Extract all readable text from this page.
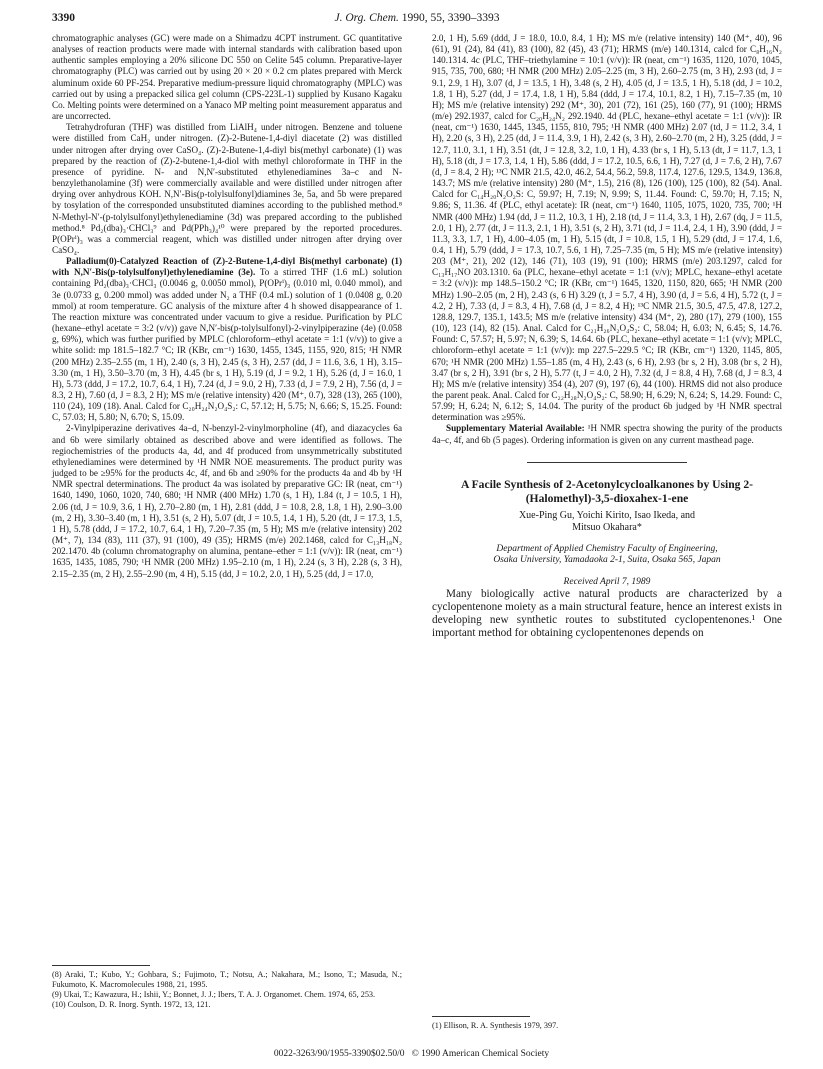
3390	J. Org. Chem. 1990, 55, 3390–3393

chromatographic analyses (GC) were made on a Shimadzu 4CPT instrument. GC quantitative analyses of reaction products were made with internal standards with calibration based upon authentic samples employing a 20% silicone DC 550 on Celite 545 column. Preparative-layer chromatography (PLC) was carried out by using 20 × 20 × 0.2 cm plates prepared with Merck aluminum oxide 60 PF-254. Preparative medium-pressure liquid chromatography (MPLC) was carried out by using a prepacked silica gel column (CPS-223L-1) supplied by Kusano Kagaku Co. Melting points were determined on a Yanaco MP melting point measurement apparatus and are uncorrected.

Tetrahydrofuran (THF) was distilled from LiAlH₄ under nitrogen. Benzene and toluene were distilled from CaH₂ under nitrogen. (Z)-2-Butene-1,4-diyl diacetate (2) was distilled under nitrogen after drying over CaSO₄. (Z)-2-Butene-1,4-diyl bis(methyl carbonate) (1) was prepared by the reaction of (Z)-2-butene-1,4-diol with methyl chloroformate in THF in the presence of pyridine. N- and N,N′-substituted ethylenediamines 3a–c and N-benzylethanolamine (3f) were commercially available and were distilled under nitrogen after drying over anhydrous KOH. N,N′-Bis(p-tolylsulfonyl)diamines 3e, 5a, and 5b were prepared by tosylation of the corresponded unsubstituted diamines according to the published method.⁸ N-Methyl-N′-(p-tolylsulfonyl)ethylenediamine (3d) was prepared according to the published method.⁸ Pd₂(dba)₃·CHCl₃⁹ and Pd(PPh₃)₄¹⁰ were prepared by the reported procedures. P(OPrⁱ)₃ was a commercial reagent, which was distilled under nitrogen after drying over CaSO₄.

Palladium(0)-Catalyzed Reaction of (Z)-2-Butene-1,4-diyl Bis(methyl carbonate) (1) with N,N′-Bis(p-tolylsulfonyl)ethylenediamine (3e). To a stirred THF (1.6 mL) solution containing Pd₂(dba)₃·CHCl₃ (0.0046 g, 0.0050 mmol), P(OPrⁱ)₃ (0.010 ml, 0.040 mmol), and 3e (0.0733 g, 0.200 mmol) was added under N₂ a THF (0.4 mL) solution of 1 (0.0408 g, 0.20 mmol) at room temperature. GC analysis of the mixture after 4 h showed disappearance of 1. The reaction mixture was concentrated under vacuum to give a residue. Purification by PLC (hexane–ethyl acetate = 3:2 (v/v)) gave N,N′-bis(p-tolylsulfonyl)-2-vinylpiperazine (4e) (0.058 g, 69%), which was further purified by MPLC (chloroform–ethyl acetate = 1:1 (v/v)) to give a white solid: mp 181.5–182.7 °C; IR (KBr, cm⁻¹) 1630, 1455, 1345, 1155, 920, 815; ¹H NMR (200 MHz) 2.35–2.55 (m, 1 H), 2.40 (s, 3 H), 2.45 (s, 3 H), 2.57 (dd, J = 11.6, 3.6, 1 H), 3.15–3.30 (m, 1 H), 3.50–3.70 (m, 3 H), 4.45 (br s, 1 H), 5.19 (d, J = 9.2, 1 H), 5.26 (d, J = 16.0, 1 H), 5.73 (ddd, J = 17.2, 10.7, 6.4, 1 H), 7.24 (d, J = 9.0, 2 H), 7.33 (d, J = 7.9, 2 H), 7.56 (d, J = 8.3, 2 H), 7.60 (d, J = 8.3, 2 H); MS m/e (relative intensity) 420 (M⁺, 0.7), 328 (13), 265 (100), 110 (24), 109 (18). Anal. Calcd for C₂₀H₂₄N₂O₄S₂: C, 57.12; H, 5.75; N, 6.66; S, 15.25. Found: C, 57.03; H, 5.80; N, 6.70; S, 15.09.

2-Vinylpiperazine derivatives 4a–d, N-benzyl-2-vinylmorpholine (4f), and diazacycles 6a and 6b were similarly obtained as described above and were identified as follows. The regiochemistries of the products 4a, 4d, and 4f produced from unsymmetrically substituted ethylenediamines were determined by ¹H NMR NOE measurements. The product purity was judged to be ≥95% for the products 4c, 4f, and 6b and ≥90% for the products 4a and 4b by ¹H NMR spectral determinations. The product 4a was isolated by preparative GC: IR (neat, cm⁻¹) 1640, 1490, 1060, 1020, 740, 680; ¹H NMR (400 MHz) 1.70 (s, 1 H), 1.84 (t, J = 10.5, 1 H), 2.06 (td, J = 10.9, 3.6, 1 H), 2.70–2.80 (m, 1 H), 2.81 (ddd, J = 10.8, 2.8, 1.8, 1 H), 2.90–3.00 (m, 2 H), 3.30–3.40 (m, 1 H), 3.51 (s, 2 H), 5.07 (dt, J = 10.5, 1.4, 1 H), 5.20 (dt, J = 17.3, 1.5, 1 H), 5.78 (ddd, J = 17.2, 10.7, 6.4, 1 H), 7.20–7.35 (m, 5 H); MS m/e (relative intensity) 202 (M⁺, 7), 134 (83), 111 (37), 91 (100), 49 (35); HRMS (m/e) 202.1468, calcd for C₁₃H₁₈N₂ 202.1470. 4b (column chromatography on alumina, pentane–ether = 1:1 (v/v)): IR (neat, cm⁻¹) 1635, 1435, 1085, 790; ¹H NMR (200 MHz) 1.95–2.10 (m, 1 H), 2.24 (s, 3 H), 2.28 (s, 3 H), 2.15–2.35 (m, 2 H), 2.55–2.90 (m, 4 H), 5.15 (dd, J = 10.2, 2.0, 1 H), 5.25 (dd, J = 17.0,

(8) Araki, T.; Kubo, Y.; Gohbara, S.; Fujimoto, T.; Notsu, A.; Nakahara, M.; Isono, T.; Masuda, N.; Fukumoto, K. Macromolecules 1988, 21, 1995.

(9) Ukai, T.; Kawazura, H.; Ishii, Y.; Bonnet, J. J.; Ibers, T. A. J. Organomet. Chem. 1974, 65, 253.

(10) Coulson, D. R. Inorg. Synth. 1972, 13, 121.

2.0, 1 H), 5.69 (ddd, J = 18.0, 10.0, 8.4, 1 H); MS m/e (relative intensity) 140 (M⁺, 40), 96 (61), 91 (24), 84 (41), 83 (100), 82 (45), 43 (71); HRMS (m/e) 140.1314, calcd for C₈H₁₆N₂ 140.1314. 4c (PLC, THF–triethylamine = 10:1 (v/v)): IR (neat, cm⁻¹) 1635, 1120, 1070, 1045, 915, 735, 700, 680; ¹H NMR (200 MHz) 2.05–2.25 (m, 3 H), 2.60–2.75 (m, 3 H), 2.93 (td, J = 9.1, 2.9, 1 H), 3.07 (d, J = 13.5, 1 H), 3.48 (s, 2 H), 4.05 (d, J = 13.5, 1 H), 5.18 (dd, J = 10.2, 1.8, 1 H), 5.27 (dd, J = 17.4, 1.8, 1 H), 5.84 (ddd, J = 17.4, 10.1, 8.2, 1 H), 7.15–7.35 (m, 10 H); MS m/e (relative intensity) 292 (M⁺, 30), 201 (72), 161 (25), 160 (77), 91 (100); HRMS (m/e) 292.1937, calcd for C₂₀H₂₄N₂ 292.1940. 4d (PLC, hexane–ethyl acetate = 1:1 (v/v)): IR (neat, cm⁻¹) 1630, 1445, 1345, 1155, 810, 795; ¹H NMR (400 MHz) 2.07 (td, J = 11.2, 3.4, 1 H), 2.20 (s, 3 H), 2.25 (dd, J = 11.4, 3.9, 1 H), 2.42 (s, 3 H), 2.60–2.70 (m, 2 H), 3.25 (ddd, J = 12.7, 11.0, 3.1, 1 H), 3.51 (dt, J = 12.8, 3.2, 1.0, 1 H), 4.33 (br s, 1 H), 5.13 (dt, J = 11.7, 1.3, 1 H), 5.18 (dt, J = 17.3, 1.4, 1 H), 5.86 (ddd, J = 17.2, 10.5, 6.6, 1 H), 7.27 (d, J = 7.6, 2 H), 7.67 (d, J = 8.4, 2 H); ¹³C NMR 21.5, 42.0, 46.2, 54.4, 56.2, 59.8, 117.4, 127.6, 129.5, 134.9, 136.8, 143.7; MS m/e (relative intensity) 280 (M⁺, 1.5), 216 (8), 126 (100), 125 (100), 82 (54). Anal. Calcd for C₁₄H₂₀N₂O₂S: C, 59.97; H, 7.19; N, 9.99; S, 11.44. Found: C, 59.70; H, 7.15; N, 9.86; S, 11.36. 4f (PLC, ethyl acetate): IR (neat, cm⁻¹) 1640, 1105, 1075, 1020, 735, 700; ¹H NMR (400 MHz) 1.94 (dd, J = 11.2, 10.3, 1 H), 2.18 (td, J = 11.4, 3.3, 1 H), 2.67 (dq, J = 11.5, 2.0, 1 H), 2.77 (dt, J = 11.3, 2.1, 1 H), 3.51 (s, 2 H), 3.71 (td, J = 11.4, 2.4, 1 H), 3.90 (ddd, J = 11.3, 3.3, 1.7, 1 H), 4.00–4.05 (m, 1 H), 5.15 (dt, J = 10.8, 1.5, 1 H), 5.29 (dtd, J = 17.4, 1.6, 0.4, 1 H), 5.79 (ddd, J = 17.3, 10.7, 5.6, 1 H), 7.25–7.35 (m, 5 H); MS m/e (relative intensity) 203 (M⁺, 21), 202 (12), 146 (71), 103 (19), 91 (100); HRMS (m/e) 203.1297, calcd for C₁₃H₁₇NO 203.1310. 6a (PLC, hexane–ethyl acetate = 1:1 (v/v); MPLC, hexane–ethyl acetate = 3:2 (v/v)): mp 148.5–150.2 °C; IR (KBr, cm⁻¹) 1645, 1320, 1150, 820, 665; ¹H NMR (200 MHz) 1.90–2.05 (m, 2 H), 2.43 (s, 6 H) 3.29 (t, J = 5.7, 4 H), 3.90 (d, J = 5.6, 4 H), 5.72 (t, J = 4.2, 2 H), 7.33 (d, J = 8.3, 4 H), 7.68 (d, J = 8.2, 4 H); ¹³C NMR 21.5, 30.5, 47.5, 47.8, 127.2, 128.8, 129.7, 135.1, 143.5; MS m/e (relative intensity) 434 (M⁺, 2), 280 (17), 279 (100), 155 (10), 123 (14), 82 (15). Anal. Calcd for C₂₁H₂₆N₂O₄S₂: C, 58.04; H, 6.03; N, 6.45; S, 14.76. Found: C, 57.57; H, 5.97; N, 6.39; S, 14.64. 6b (PLC, hexane–ethyl acetate = 1:1 (v/v); MPLC, chloroform–ethyl acetate = 1:1 (v/v)): mp 227.5–229.5 °C; IR (KBr, cm⁻¹) 1320, 1145, 805, 670; ¹H NMR (200 MHz) 1.55–1.85 (m, 4 H), 2.43 (s, 6 H), 2.93 (br s, 2 H), 3.08 (br s, 2 H), 3.47 (br s, 2 H), 3.91 (br s, 2 H), 5.77 (t, J = 4.0, 2 H), 7.32 (d, J = 8.8, 4 H), 7.68 (d, J = 8.3, 4 H); MS m/e (relative intensity) 354 (4), 207 (9), 197 (6), 44 (100). HRMS did not also produce the parent peak. Anal. Calcd for C₂₂H₂₈N₂O₄S₂: C, 58.90; H, 6.29; N, 6.24; S, 14.29. Found: C, 57.99; H, 6.24; N, 6.12; S, 14.04. The purity of the product 6b judged by ¹H NMR spectral determination was ≥95%.

Supplementary Material Available: ¹H NMR spectra showing the purity of the products 4a–c, 4f, and 6b (5 pages). Ordering information is given on any current masthead page.

A Facile Synthesis of 2-Acetonylcycloalkanones by Using 2-(Halomethyl)-3,5-dioxahex-1-ene
Xue-Ping Gu, Yoichi Kirito, Isao Ikeda, and
Mitsuo Okahara*
Department of Applied Chemistry Faculty of Engineering,
Osaka University, Yamadaoka 2-1, Suita, Osaka 565, Japan
Received April 7, 1989

Many biologically active natural products are characterized by a cyclopentenone moiety as a main structural feature, hence an interest exists in developing new synthetic routes to substituted cyclopentenones.¹ One important method for obtaining cyclopentenones depends on

(1) Ellison, R. A. Synthesis 1979, 397.

0022-3263/90/1955-3390$02.50/0 © 1990 American Chemical Society
